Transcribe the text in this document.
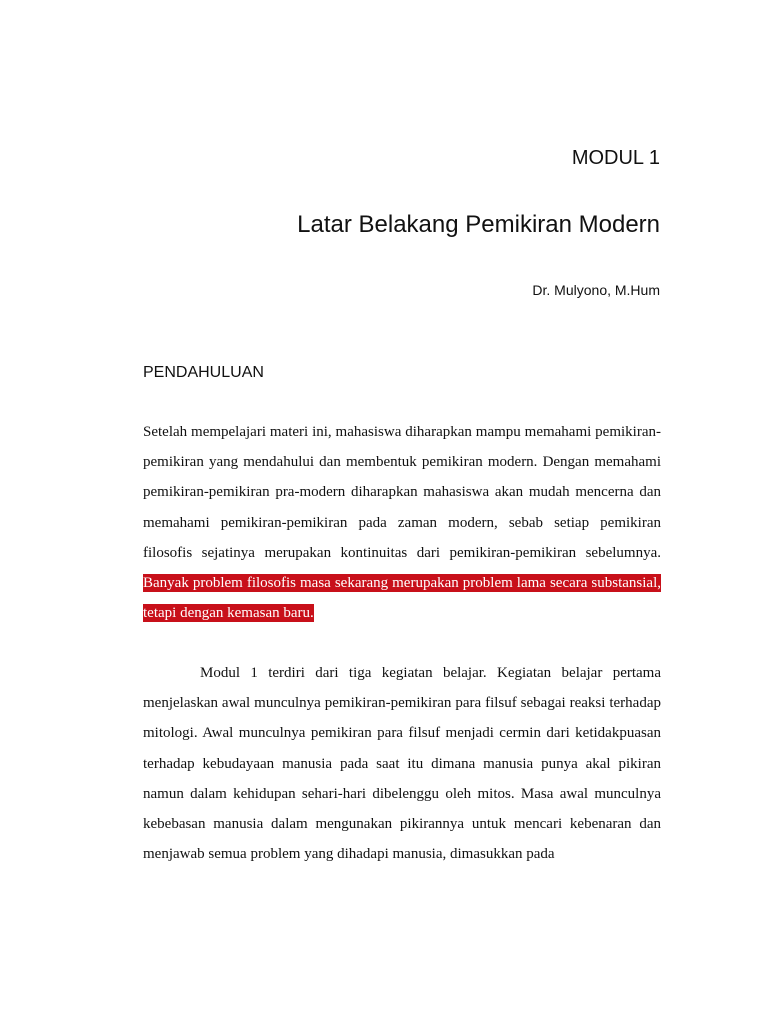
MODUL 1
Latar Belakang Pemikiran Modern
Dr. Mulyono, M.Hum
PENDAHULUAN

Setelah mempelajari materi ini, mahasiswa diharapkan mampu memahami pemikiran-pemikiran yang mendahului dan membentuk pemikiran modern. Dengan memahami pemikiran-pemikiran pra-modern diharapkan mahasiswa akan mudah mencerna dan memahami pemikiran-pemikiran pada zaman modern, sebab setiap pemikiran filosofis sejatinya merupakan kontinuitas dari pemikiran-pemikiran sebelumnya. Banyak problem filosofis masa sekarang merupakan problem lama secara substansial, tetapi dengan kemasan baru.

Modul 1 terdiri dari tiga kegiatan belajar. Kegiatan belajar pertama menjelaskan awal munculnya pemikiran-pemikiran para filsuf sebagai reaksi terhadap mitologi. Awal munculnya pemikiran para filsuf menjadi cermin dari ketidakpuasan terhadap kebudayaan manusia pada saat itu dimana manusia punya akal pikiran namun dalam kehidupan sehari-hari dibelenggu oleh mitos. Masa awal munculnya kebebasan manusia dalam mengunakan pikirannya untuk mencari kebenaran dan menjawab semua problem yang dihadapi manusia, dimasukkan pada
